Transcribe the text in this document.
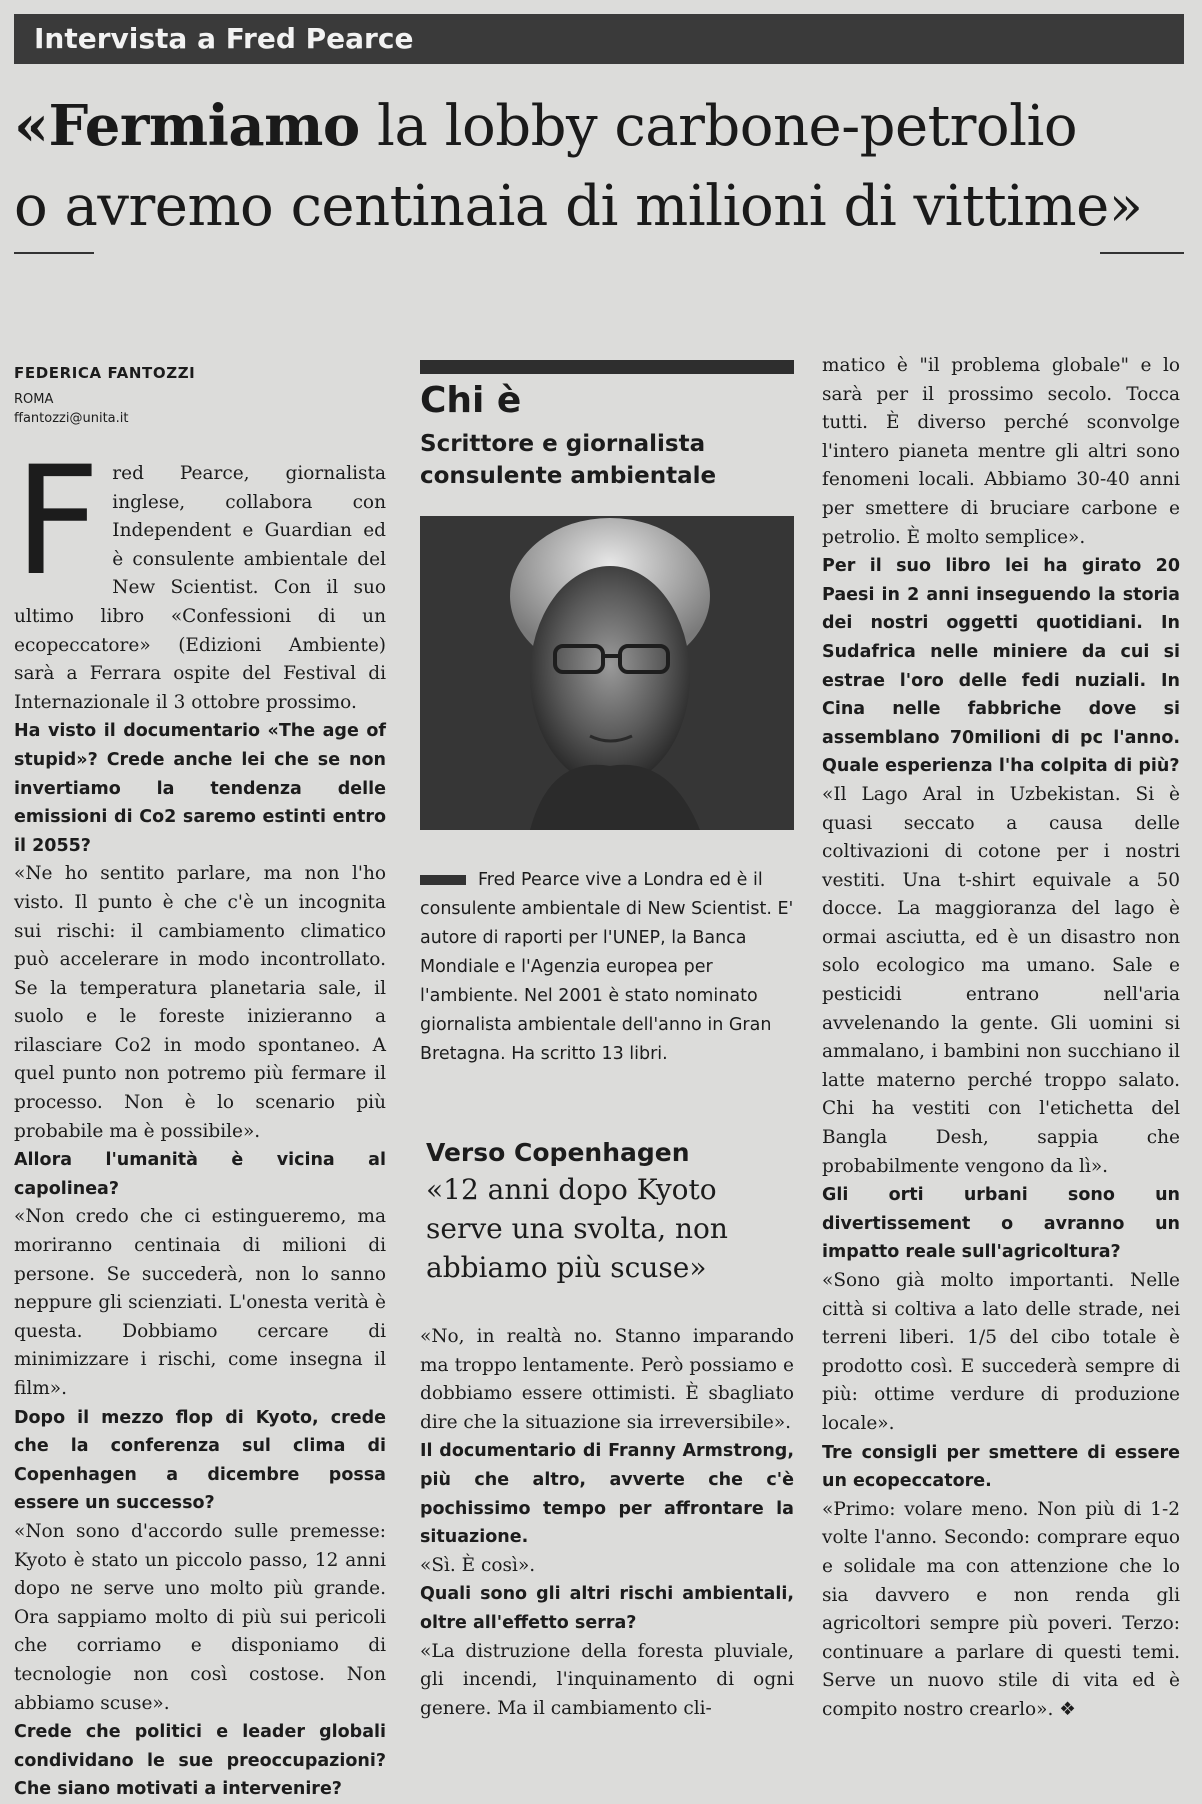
Intervista a Fred Pearce
«Fermiamo la lobby carbone-petrolio
o avremo centinaia di milioni di vittime»
FEDERICA FANTOZZI
ROMA
ffantozzi@unita.it

Fred Pearce, giornalista inglese, collabora con Independent e Guardian ed è consulente ambientale del New Scientist. Con il suo ultimo libro «Confessioni di un ecopeccatore» (Edizioni Ambiente) sarà a Ferrara ospite del Festival di Internazionale il 3 ottobre prossimo.

Ha visto il documentario «The age of stupid»? Crede anche lei che se non invertiamo la tendenza delle emissioni di Co2 saremo estinti entro il 2055?

«Ne ho sentito parlare, ma non l'ho visto. Il punto è che c'è un incognita sui rischi: il cambiamento climatico può accelerare in modo incontrollato. Se la temperatura planetaria sale, il suolo e le foreste inizieranno a rilasciare Co2 in modo spontaneo. A quel punto non potremo più fermare il processo. Non è lo scenario più probabile ma è possibile».

Allora l'umanità è vicina al capolinea?

«Non credo che ci estingueremo, ma moriranno centinaia di milioni di persone. Se succederà, non lo sanno neppure gli scienziati. L'onesta verità è questa. Dobbiamo cercare di minimizzare i rischi, come insegna il film».

Dopo il mezzo flop di Kyoto, crede che la conferenza sul clima di Copenhagen a dicembre possa essere un successo?

«Non sono d'accordo sulle premesse: Kyoto è stato un piccolo passo, 12 anni dopo ne serve uno molto più grande. Ora sappiamo molto di più sui pericoli che corriamo e disponiamo di tecnologie non così costose. Non abbiamo scuse».

Crede che politici e leader globali condividano le sue preoccupazioni? Che siano motivati a intervenire?

Chi è
Scrittore e giornalista consulente ambientale
Fred Pearce vive a Londra ed è il consulente ambientale di New Scientist. E' autore di raporti per l'UNEP, la Banca Mondiale e l'Agenzia europea per l'ambiente. Nel 2001 è stato nominato giornalista ambientale dell'anno in Gran Bretagna. Ha scritto 13 libri.
Verso Copenhagen
«12 anni dopo Kyoto serve una svolta, non abbiamo più scuse»

«No, in realtà no. Stanno imparando ma troppo lentamente. Però possiamo e dobbiamo essere ottimisti. È sbagliato dire che la situazione sia irreversibile».

Il documentario di Franny Armstrong, più che altro, avverte che c'è pochissimo tempo per affrontare la situazione.

«Sì. È così».

Quali sono gli altri rischi ambientali, oltre all'effetto serra?

«La distruzione della foresta pluviale, gli incendi, l'inquinamento di ogni genere. Ma il cambiamento cli-

matico è "il problema globale" e lo sarà per il prossimo secolo. Tocca tutti. È diverso perché sconvolge l'intero pianeta mentre gli altri sono fenomeni locali. Abbiamo 30-40 anni per smettere di bruciare carbone e petrolio. È molto semplice».

Per il suo libro lei ha girato 20 Paesi in 2 anni inseguendo la storia dei nostri oggetti quotidiani. In Sudafrica nelle miniere da cui si estrae l'oro delle fedi nuziali. In Cina nelle fabbriche dove si assemblano 70milioni di pc l'anno. Quale esperienza l'ha colpita di più?

«Il Lago Aral in Uzbekistan. Si è quasi seccato a causa delle coltivazioni di cotone per i nostri vestiti. Una t-shirt equivale a 50 docce. La maggioranza del lago è ormai asciutta, ed è un disastro non solo ecologico ma umano. Sale e pesticidi entrano nell'aria avvelenando la gente. Gli uomini si ammalano, i bambini non succhiano il latte materno perché troppo salato. Chi ha vestiti con l'etichetta del Bangla Desh, sappia che probabilmente vengono da lì».

Gli orti urbani sono un divertissement o avranno un impatto reale sull'agricoltura?

«Sono già molto importanti. Nelle città si coltiva a lato delle strade, nei terreni liberi. 1/5 del cibo totale è prodotto così. E succederà sempre di più: ottime verdure di produzione locale».

Tre consigli per smettere di essere un ecopeccatore.

«Primo: volare meno. Non più di 1-2 volte l'anno. Secondo: comprare equo e solidale ma con attenzione che lo sia davvero e non renda gli agricoltori sempre più poveri. Terzo: continuare a parlare di questi temi. Serve un nuovo stile di vita ed è compito nostro crearlo». ❖
